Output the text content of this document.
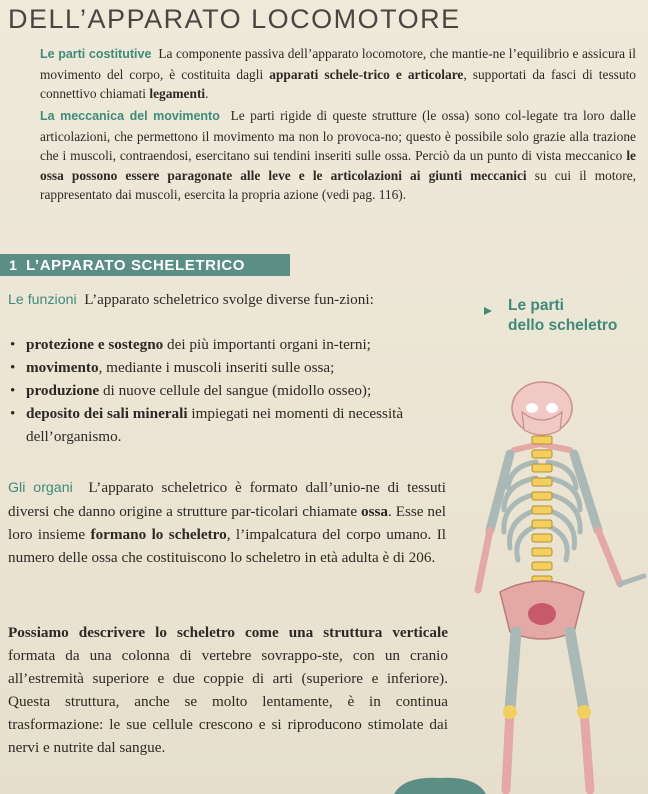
DELL’APPARATO LOCOMOTORE

Le parti costitutive La componente passiva dell’apparato locomotore, che mantie-ne l’equilibrio e assicura il movimento del corpo, è costituita dagli apparati schele-trico e articolare, supportati da fasci di tessuto connettivo chiamati legamenti.

La meccanica del movimento Le parti rigide di queste strutture (le ossa) sono col-legate tra loro dalle articolazioni, che permettono il movimento ma non lo provoca-no; questo è possibile solo grazie alla trazione che i muscoli, contraendosi, esercitano sui tendini inseriti sulle ossa. Perciò da un punto di vista meccanico le ossa possono essere paragonate alle leve e le articolazioni ai giunti meccanici su cui il motore, rappresentato dai muscoli, esercita la propria azione (vedi pag. 116).

1 L’APPARATO SCHELETRICO

Le funzioni L’apparato scheletrico svolge diverse fun-zioni:

• protezione e sostegno dei più importanti organi in-terni;
• movimento, mediante i muscoli inseriti sulle ossa;
• produzione di nuove cellule del sangue (midollo osseo);
• deposito dei sali minerali impiegati nei momenti di necessità dell’organismo.

Gli organi L’apparato scheletrico è formato dall’unio-ne di tessuti diversi che danno origine a strutture par-ticolari chiamate ossa. Esse nel loro insieme formano lo scheletro, l’impalcatura del corpo umano. Il numero delle ossa che costituiscono lo scheletro in età adulta è di 206.

Possiamo descrivere lo scheletro come una struttura verticale formata da una colonna di vertebre sovrappo-ste, con un cranio all’estremità superiore e due coppie di arti (superiore e inferiore). Questa struttura, anche se molto lentamente, è in continua trasformazione: le sue cellule crescono e si riproducono stimolate dai nervi e nutrite dal sangue.

Le parti
dello scheletro
